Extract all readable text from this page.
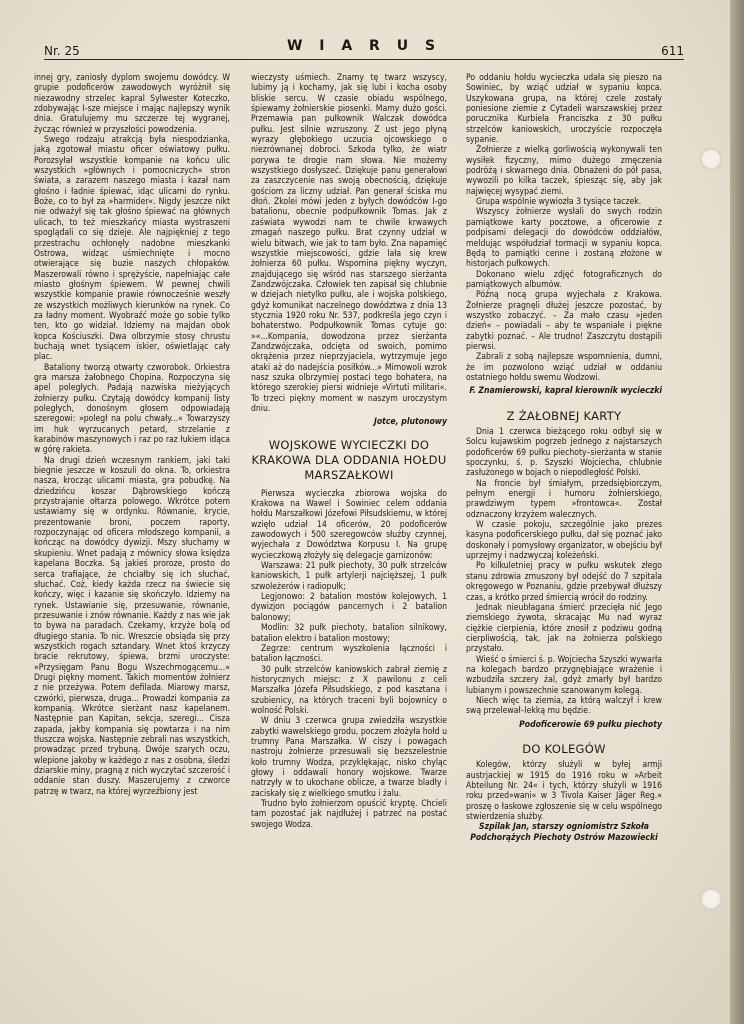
Nr. 25	W I A R U S	611

innej gry, zaniosły dyplom swojemu dowódcy. W grupie podoficerów zawodowych wyróżnił się niezawodny strzelec kapral Sylwester Koteczko, zdobywając I-sze miejsce i mając najlepszy wynik dnia. Gratulujemy mu szczerze tej wygranej, życząc również w przyszłości powodzenia.

Swego rodzaju atrakcją była niespodzianka, jaką zgotował miastu oficer oświatowy pułku. Porozsyłał wszystkie kompanie na końcu ulic wszystkich »głównych i pomocniczych« stron świata, a zarazem naszego miasta i kazał nam głośno i ładnie śpiewać, idąc ulicami do rynku. Boże, co to był za »harmider«. Nigdy jeszcze nikt nie odważył się tak głośno śpiewać na głównych ulicach, to też mieszkańcy miasta wystraszeni spoglądali co się dzieje. Ale najpiękniej z tego przestrachu ochłonęły nadobne mieszkanki Ostrowa, widząc uśmiechnięte i mocno otwierające się buzie naszych chłopaków. Maszerowali równo i sprężyście, napełniając całe miasto głośnym śpiewem. W pewnej chwili wszystkie kompanie prawie równocześnie weszły ze wszystkich możliwych kierunków na rynek. Co za ładny moment. Wyobraźć może go sobie tylko ten, kto go widział. Idziemy na majdan obok kopca Kościuszki. Dwa olbrzymie stosy chrustu buchają wnet tysiącem iskier, oświetlając cały plac.

Bataliony tworzą otwarty czworobok. Orkiestra gra marsza żałobnego Chopina. Rozpoczyna się apel poległych. Padają nazwiska nieżyjących żołnierzy pułku. Czytają dowódcy kompanij listy poległych, donośnym głosem odpowiadają szeregowi: »poległ na polu chwały...« Towarzyszy im huk wyrzucanych petard, strzelanie z karabinów maszynowych i raz po raz łukiem idąca w górę rakieta.

Na drugi dzień wczesnym rankiem, jaki taki biegnie jeszcze w koszuli do okna. To, orkiestra nasza, krocząc ulicami miasta, gra pobudkę. Na dziedzińcu koszar Dąbrowskiego kończą przystrajanie ołtarza polowego. Wkrótce potem ustawiamy się w ordynku. Równanie, krycie, prezentowanie broni, poczem raporty, rozpoczynając od oficera młodszego kompanii, a kończąc na dowódcy dywizji. Mszy słuchamy w skupieniu. Wnet padają z mównicy słowa księdza kapelana Boczka. Są jakieś proroze, prosto do serca trafiające, że chciałby się ich słuchać, słuchać. Coż, kiedy każda rzecz na świecie się kończy, więc i kazanie się skończyło. Idziemy na rynek. Ustawianie się, przesuwanie, równanie, przesuwanie i znów równanie. Każdy z nas wie jak to bywa na paradach. Czekamy, krzyże bolą od długiego stania. To nic. Wreszcie obsiąda się przy wszystkich rogach sztandary. Wnet ktoś krzyczy bracie rekrutowy, śpiewa, brzmi uroczyste: »Przysięgam Panu Bogu Wszechmogącemu...« Drugi piękny moment. Takich momentów żołnierz z nie przeżywa. Potem defilada. Miarowy marsz, czwórki, pierwsza, druga... Prowadzi kompania za kompanią. Wkrótce sierżant nasz kapelanem. Następnie pan Kapitan, sekcja, szeregi... Cisza zapada, jakby kompania się powtarza i na nim tłuszcza wojska. Następnie zebrali nas wszystkich, prowadząc przed trybuną. Dwóje szarych oczu, wlepione jakoby w każdego z nas z osobna, śledzi dziarskie miny, pragną z nich wyczytać szczerość i oddanie stan duszy. Maszerujemy z czworce patrzę w twarz, na której wyrzeźbiony jest

wieczysty uśmiech. Znamy tę twarz wszyscy, lubimy ją i kochamy, jak się lubi i kocha osoby bliskie sercu. W czasie obiadu wspólnego, śpiewamy żołnierskie piosenki. Mamy dużo gości. Przemawia pan pułkownik Walczak dowódca pułku. Jest silnie wzruszony. Z ust jego płyną wyrazy głębokiego uczucia ojcowskiego o niezrównanej dobroci. Szkoda tylko, że wiatr porywa te drogie nam słowa. Nie możemy wszystkiego dosłyszeć. Dziękuje panu generałowi za zaszczycenie nas swoją obecnością, dziękuje gościom za liczny udział. Pan generał ściska mu dłoń. Zkolei mówi jeden z byłych dowódców I-go batalionu, obecnie podpułkownik Tomas. Jak z zaświata wywodzi nam te chwile krwawych zmagań naszego pułku. Brat czynny udział w wielu bitwach, wie jak to tam było. Zna napamięć wszystkie miejscowości, gdzie lała się krew żołnierza 60 pułku. Wspomina piękny wyczyn, znajdującego się wśród nas starszego sierżanta Zandzwójczaka. Człowiek ten zapisał się chlubnie w dziejach nietylko pułku, ale i wojska polskiego, gdyż komunikat naczelnego dowództwa z dnia 13 stycznia 1920 roku Nr. 537, podkreśla jego czyn i bohaterstwo. Podpułkownik Tomas cytuje go: »«...Kompania, dowodzona przez sierżanta Zandzwójczaka, odcięta od swoich, pomimo okrążenia przez nieprzyjaciela, wytrzymuje jego ataki aż do nadejścia posiłków...» Mimowoli wzrok nasz szuka olbrzymiej postaci tego bohatera, na którego szerokiej piersi widnieje »Virtuti militari«. To trzeci piękny moment w naszym uroczystym dniu.

Jotce, plutonowy

WOJSKOWE WYCIECZKI DO KRAKOWA DLA ODDANIA HOŁDU MARSZAŁKOWI

Pierwsza wycieczka zbiorowa wojska do Krakowa na Wawel i Sowiniec celem oddania hołdu Marszałkowi Józefowi Piłsudskiemu, w której wzięło udział 14 oficerów, 20 podoficerów zawodowych i 500 szeregowców służby czynnej, wyjechała z Dowództwa Korpusu I. Na grupę wycieczkową złożyły się delegacje garnizonów:

Warszawa: 21 pułk piechoty, 30 pułk strzelców kaniowskich, 1 pułk artylerji najcięższej, 1 pułk szwoleżerów i radiopułk;

Legjonowo: 2 batalion mostów kolejowych, 1 dywizjon pociągów pancernych i 2 batalion balonowy;

Modlin: 32 pułk piechoty, batalion silnikowy, batalion elektro i batalion mostowy;

Zegrze: centrum wyszkolenia łączności i batalion łączności.

30 pułk strzelców kaniowskich zabrał ziemię z historycznych miejsc: z X pawilonu z celi Marszałka Józefa Piłsudskiego, z pod kasztana i szubienicy, na których traceni byli bojownicy o wolność Polski.

W dniu 3 czerwca grupa zwiedziła wszystkie zabytki wawelskiego grodu, poczem złożyła hołd u trumny Pana Marszałka. W ciszy i powagach nastroju żołnierze przesuwali się bezszelestnie koło trumny Wodza, przyklękając, nisko chyląc głowy i oddawali honory wojskowe. Twarze natrzyły w to ukochane oblicze, a twarze bladły i zaciskały się z wielkiego smutku i żalu.

Trudno było żołnierzom opuścić kryptę. Chcieli tam pozostać jak najdłużej i patrzeć na postać swojego Wodza.

Po oddaniu hołdu wycieczka udała się pieszo na Sowiniec, by wziąć udział w sypaniu kopca. Uszykowana grupa, na której czele zostały poniesione ziemie z Cytadeli warszawskiej przez porucznika Kurbiela Franciszka z 30 pułku strzelców kaniowskich, uroczyście rozpoczęła sypanie.

Żołnierze z wielką gorliwością wykonywali ten wysiłek fizyczny, mimo dużego zmęczenia podróżą i skwarnego dnia. Obnażeni do pół pasa, wywozili po kilka taczek, śpiesząc się, aby jak najwięcej wysypać ziemi.

Grupa wspólnie wywiozła 3 tysiące taczek.

Wszyscy żołnierze wysłali do swych rodzin pamiątkowe karty pocztowe, a oficerowie z podpisami delegacji do dowódców oddziałów, meldując współudział tormacji w sypaniu kopca. Będą to pamiątki cenne i zostaną złożone w historjach pułkowych.

Dokonano wielu zdjęć fotograficznych do pamiątkowych albumów.

Późną nocą grupa wyjechała z Krakowa. Żołnierze pragnęli dłużej jeszcze pozostać, by wszystko zobaczyć. – Za mało czasu »jeden dzień« – powiadali – aby te wspaniałe i piękne zabytki poznać. – Ale trudno! Zaszczytu dostąpili pierwsi.

Zabrali z sobą najlepsze wspomnienia, dumni, że im pozwolono wziąć udział w oddaniu ostatniego hołdu swemu Wodzowi.

F. Znamierowski, kapral kierownik wycieczki

Z ŻAŁOBNEJ KARTY

Dnia 1 czerwca bieżącego roku odbył się w Solcu kujawskim pogrzeb jednego z najstarszych podoficerów 69 pułku piechoty–sierżanta w stanie spoczynku, ś. p. Szyszki Wojciecha, chlubnie zasłużonego w bojach o niepodległość Polski.

Na froncie był śmiałym, przedsiębiorczym, pełnym energji i humoru żołnierskiego, prawdziwym typem »frontowca«. Został odznaczony krzyżem walecznych.

W czasie pokoju, szczególnie jako prezes kasyna podoficerskiego pułku, dał się poznać jako doskonały i pomysłowy organizator, w obejściu był uprzejmy i nadzwyczaj koleżeński.

Po kilkuletniej pracy w pułku wskutek złego stanu zdrowia zmuszony był odejść do 7 szpitala okręgowego w Poznaniu, gdzie przebywał dłuższy czas, a krótko przed śmiercią wrócił do rodziny.

Jednak nieubłagana śmierć przecięła nić Jego ziemskiego żywota, skracając Mu nad wyraz ciężkie cierpienia, które znosił z podziwu godną cierpliwością, tak, jak na żołnierza polskiego przystało.

Wieść o śmierci ś. p. Wojciecha Szyszki wywarła na kolegach bardzo przygnębiające wrażenie i wzbudziła szczery żal, gdyż zmarły był bardzo lubianym i powszechnie szanowanym kolegą.

Niech więc ta ziemia, za którą walczył i krew swą przelewał–lekką mu będzie.

Podoficerowie 69 pułku piechoty

DO KOLEGÓW

Kolegów, którzy służyli w byłej armji austrjackiej w 1915 do 1916 roku w »Arbeit Abteilung Nr. 24« i tych, którzy służyli w 1916 roku przed»wani« w 3 Tivola Kaiser Jäger Reg.« proszę o łaskowe zgłoszenie się w celu wspólnego stwierdzenia służby.

Szpilak Jan, starszy ogniomistrz Szkoła Podchorążych Piechoty Ostrów Mazowiecki
